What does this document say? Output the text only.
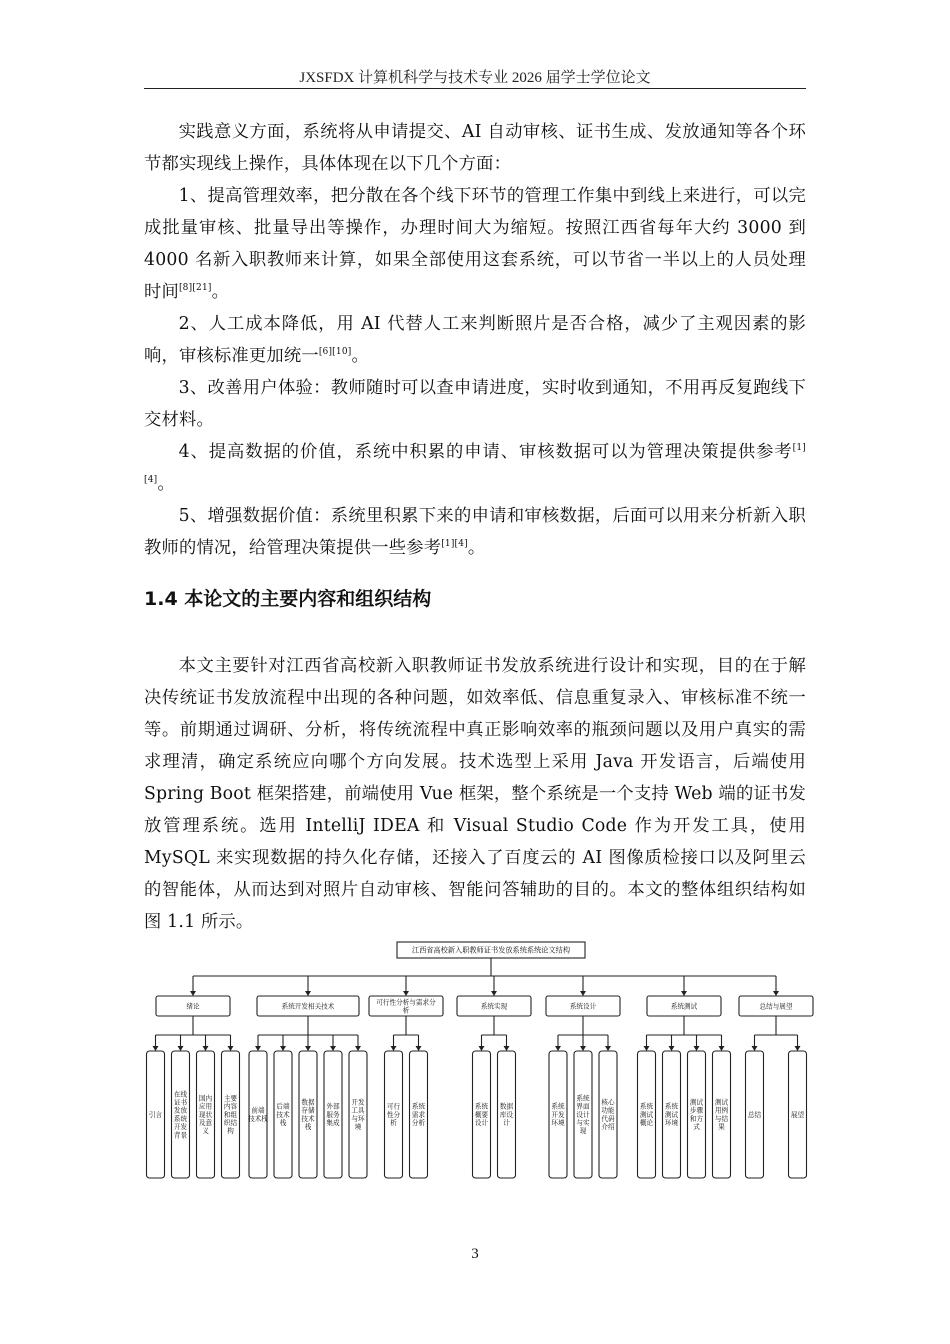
JXSFDX 计算机科学与技术专业 2026 届学士学位论文

实践意义方面，系统将从申请提交、AI 自动审核、证书生成、发放通知等各个环节都实现线上操作，具体体现在以下几个方面：

1、提高管理效率，把分散在各个线下环节的管理工作集中到线上来进行，可以完成批量审核、批量导出等操作，办理时间大为缩短。按照江西省每年大约 3000 到 4000 名新入职教师来计算，如果全部使用这套系统，可以节省一半以上的人员处理时间[8][21]。

2、人工成本降低，用 AI 代替人工来判断照片是否合格，减少了主观因素的影响，审核标准更加统一[6][10]。

3、改善用户体验：教师随时可以查申请进度，实时收到通知，不用再反复跑线下交材料。

4、提高数据的价值，系统中积累的申请、审核数据可以为管理决策提供参考[1][4]。

5、增强数据价值：系统里积累下来的申请和审核数据，后面可以用来分析新入职教师的情况，给管理决策提供一些参考[1][4]。

1.4 本论文的主要内容和组织结构

本文主要针对江西省高校新入职教师证书发放系统进行设计和实现，目的在于解决传统证书发放流程中出现的各种问题，如效率低、信息重复录入、审核标准不统一等。前期通过调研、分析，将传统流程中真正影响效率的瓶颈问题以及用户真实的需求理清，确定系统应向哪个方向发展。技术选型上采用 Java 开发语言，后端使用 Spring Boot 框架搭建，前端使用 Vue 框架，整个系统是一个支持 Web 端的证书发放管理系统。选用 IntelliJ IDEA 和 Visual Studio Code 作为开发工具，使用 MySQL 来实现数据的持久化存储，还接入了百度云的 AI 图像质检接口以及阿里云的智能体，从而达到对照片自动审核、智能问答辅助的目的。本文的整体组织结构如图 1.1 所示。

江西省高校新入职教师证书发放系统系统论文结构
绪论
引言
在线证书发放系统开发背景
国内应用现状及意义
主要内容和组织结构
系统开发相关技术
前端技术栈
后端技术栈
数据存储技术栈
外部服务集成
开发工具与环境
可行性分析与需求分析
可行性分析
系统需求分析
系统实现
系统概要设计
数据库设计
系统设计
系统开发环境
系统界面设计与实现
核心功能代码介绍
系统测试
系统测试概论
系统测试环境
测试步骤和方式
测试用例与结果
总结与展望
总结	展望
3
